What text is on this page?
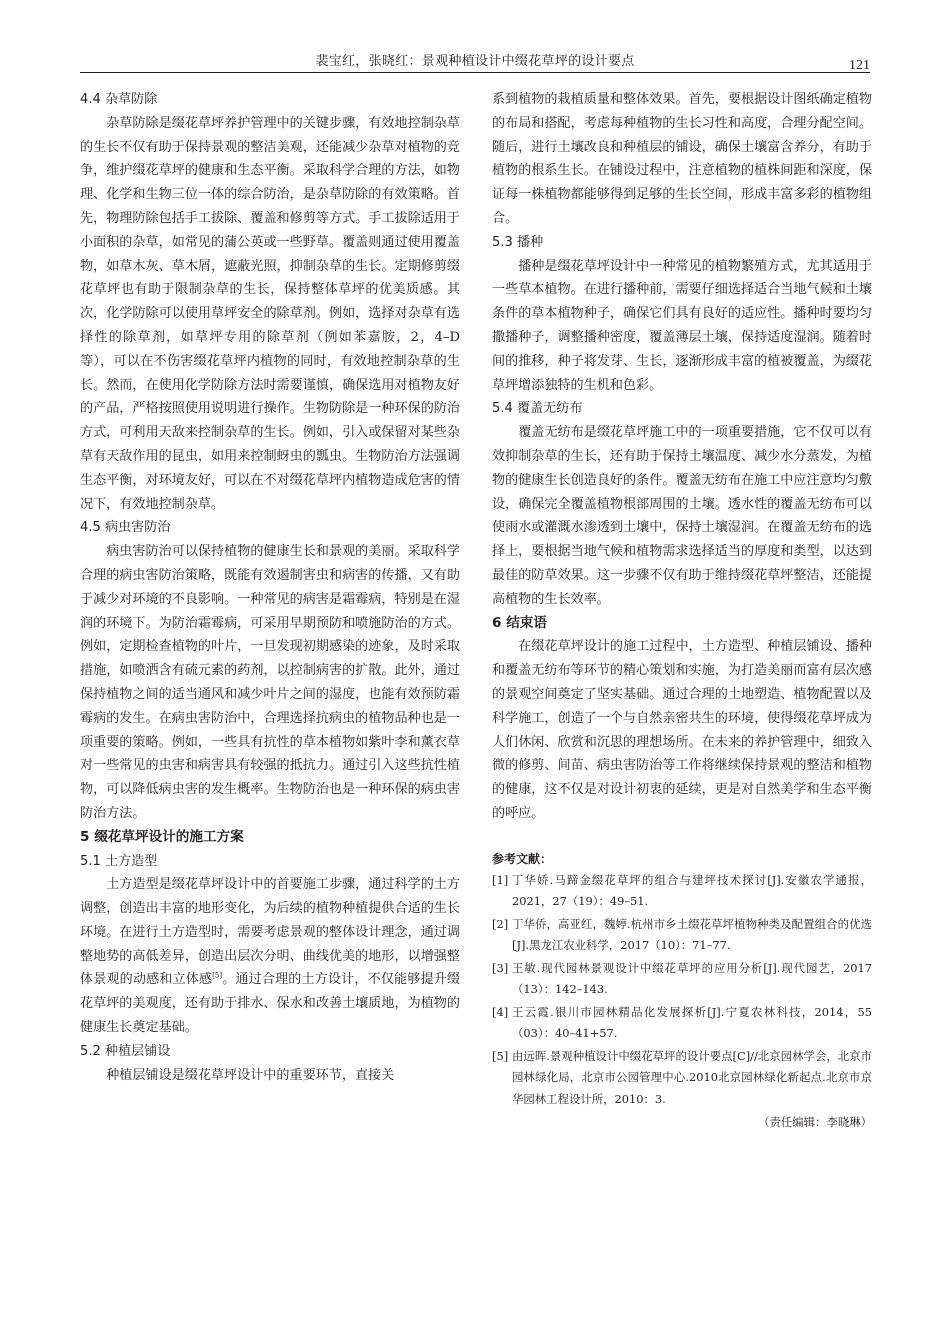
裴宝红，张晓红：景观种植设计中缀花草坪的设计要点	121
4.4 杂草防除

杂草防除是缀花草坪养护管理中的关键步骤，有效地控制杂草的生长不仅有助于保持景观的整洁美观，还能减少杂草对植物的竞争，维护缀花草坪的健康和生态平衡。采取科学合理的方法，如物理、化学和生物三位一体的综合防治，是杂草防除的有效策略。首先，物理防除包括手工拔除、覆盖和修剪等方式。手工拔除适用于小面积的杂草，如常见的蒲公英或一些野草。覆盖则通过使用覆盖物，如草木灰、草木屑，遮蔽光照，抑制杂草的生长。定期修剪缀花草坪也有助于限制杂草的生长，保持整体草坪的优美质感。其次，化学防除可以使用草坪安全的除草剂。例如，选择对杂草有选择性的除草剂，如草坪专用的除草剂（例如苯嘉胺，2，4–D等），可以在不伤害缀花草坪内植物的同时，有效地控制杂草的生长。然而，在使用化学防除方法时需要谨慎，确保选用对植物友好的产品，严格按照使用说明进行操作。生物防除是一种环保的防治方式，可利用天敌来控制杂草的生长。例如，引入或保留对某些杂草有天敌作用的昆虫，如用来控制蚜虫的瓢虫。生物防治方法强调生态平衡，对环境友好，可以在不对缀花草坪内植物造成危害的情况下，有效地控制杂草。

4.5 病虫害防治

病虫害防治可以保持植物的健康生长和景观的美丽。采取科学合理的病虫害防治策略，既能有效遏制害虫和病害的传播，又有助于减少对环境的不良影响。一种常见的病害是霜霉病，特别是在湿润的环境下。为防治霜霉病，可采用早期预防和喷施防治的方式。例如，定期检查植物的叶片，一旦发现初期感染的迹象，及时采取措施，如喷洒含有硫元素的药剂，以控制病害的扩散。此外，通过保持植物之间的适当通风和减少叶片之间的湿度，也能有效预防霜霉病的发生。在病虫害防治中，合理选择抗病虫的植物品种也是一项重要的策略。例如，一些具有抗性的草本植物如紫叶李和薰衣草对一些常见的虫害和病害具有较强的抵抗力。通过引入这些抗性植物，可以降低病虫害的发生概率。生物防治也是一种环保的病虫害防治方法。

5 缀花草坪设计的施工方案
5.1 土方造型

土方造型是缀花草坪设计中的首要施工步骤，通过科学的土方调整，创造出丰富的地形变化，为后续的植物种植提供合适的生长环境。在进行土方造型时，需要考虑景观的整体设计理念，通过调整地势的高低差异，创造出层次分明、曲线优美的地形，以增强整体景观的动感和立体感[5]。通过合理的土方设计，不仅能够提升缀花草坪的美观度，还有助于排水、保水和改善土壤质地，为植物的健康生长奠定基础。

5.2 种植层铺设

种植层铺设是缀花草坪设计中的重要环节，直接关

系到植物的栽植质量和整体效果。首先，要根据设计图纸确定植物的布局和搭配，考虑每种植物的生长习性和高度，合理分配空间。随后，进行土壤改良和种植层的铺设，确保土壤富含养分，有助于植物的根系生长。在铺设过程中，注意植物的植株间距和深度，保证每一株植物都能够得到足够的生长空间，形成丰富多彩的植物组合。

5.3 播种

播种是缀花草坪设计中一种常见的植物繁殖方式，尤其适用于一些草本植物。在进行播种前，需要仔细选择适合当地气候和土壤条件的草本植物种子，确保它们具有良好的适应性。播种时要均匀撒播种子，调整播种密度，覆盖薄层土壤，保持适度湿润。随着时间的推移，种子将发芽、生长，逐渐形成丰富的植被覆盖，为缀花草坪增添独特的生机和色彩。

5.4 覆盖无纺布

覆盖无纺布是缀花草坪施工中的一项重要措施，它不仅可以有效抑制杂草的生长，还有助于保持土壤温度、减少水分蒸发，为植物的健康生长创造良好的条件。覆盖无纺布在施工中应注意均匀敷设，确保完全覆盖植物根部周围的土壤。透水性的覆盖无纺布可以使雨水或灌溉水渗透到土壤中，保持土壤湿润。在覆盖无纺布的选择上，要根据当地气候和植物需求选择适当的厚度和类型，以达到最佳的防草效果。这一步骤不仅有助于维持缀花草坪整洁，还能提高植物的生长效率。

6 结束语

在缀花草坪设计的施工过程中，土方造型、种植层铺设、播种和覆盖无纺布等环节的精心策划和实施，为打造美丽而富有层次感的景观空间奠定了坚实基础。通过合理的土地塑造、植物配置以及科学施工，创造了一个与自然亲密共生的环境，使得缀花草坪成为人们休闲、欣赏和沉思的理想场所。在未来的养护管理中，细致入微的修剪、间苗、病虫害防治等工作将继续保持景观的整洁和植物的健康，这不仅是对设计初衷的延续，更是对自然美学和生态平衡的呼应。

参考文献：
[1] 丁华娇.马蹄金缀花草坪的组合与建坪技术探讨[J].安徽农学通报，2021，27（19）：49–51.
[2] 丁华侨，高亚红，魏婷.杭州市乡土缀花草坪植物种类及配置组合的优选[J].黑龙江农业科学，2017（10）：71–77.
[3] 王敏.现代园林景观设计中缀花草坪的应用分析[J].现代园艺，2017（13）：142–143.
[4] 王云霞.银川市园林精品化发展探析[J].宁夏农林科技，2014，55（03）：40–41+57.
[5] 由远晖.景观种植设计中缀花草坪的设计要点[C]//北京园林学会，北京市园林绿化局，北京市公园管理中心.2010北京园林绿化新起点.北京市京华园林工程设计所，2010：3.
（责任编辑：李晓琳）
